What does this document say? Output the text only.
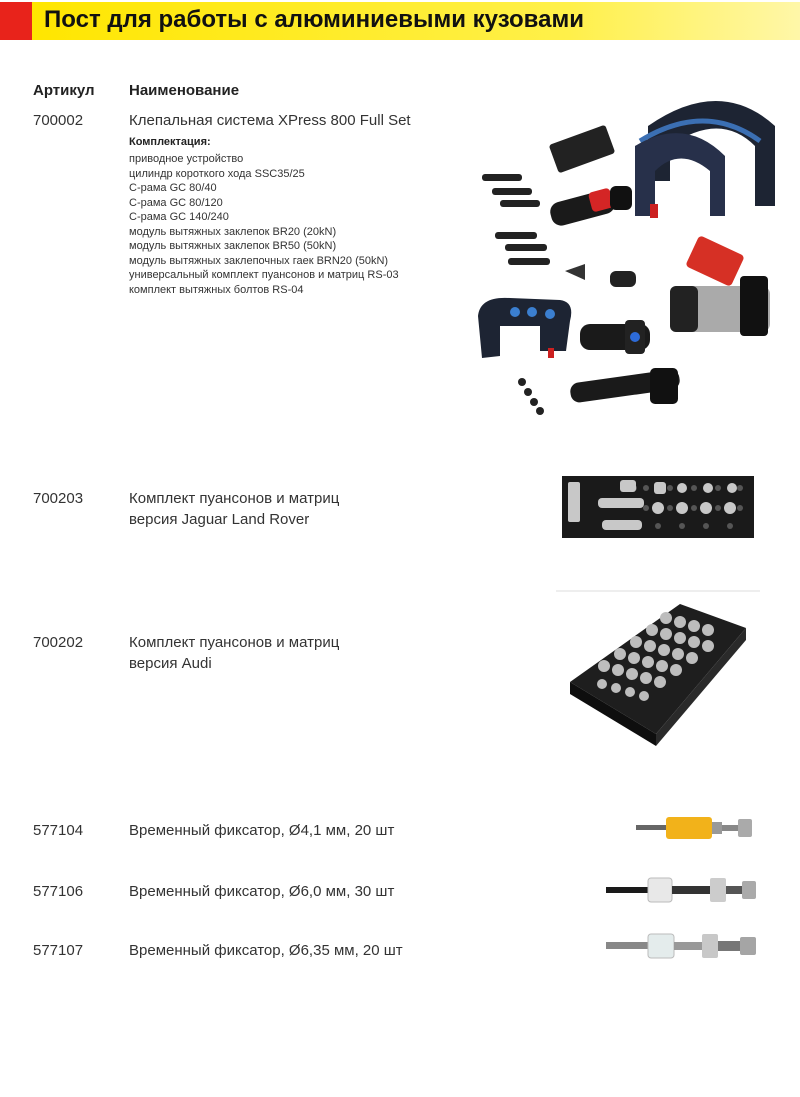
Пост для работы с алюминиевыми кузовами
Артикул Наименование
700002	Клепальная система XPress 800 Full Set
Комплектация:
приводное устройство
цилиндр короткого хода SSC35/25
С-рама GC 80/40
С-рама GC 80/120
С-рама GC 140/240
модуль вытяжных заклепок BR20 (20kN)
модуль вытяжных заклепок BR50 (50kN)
модуль вытяжных заклепочных гаек BRN20 (50kN)
универсальный комплект пуансонов и матриц RS-03
комплект вытяжных болтов RS-04
700203	Комплект пуансонов и матриц
версия Jaguar Land Rover
700202	Комплект пуансонов и матриц
версия Audi
577104	Временный фиксатор, Ø4,1 мм, 20 шт
577106	Временный фиксатор, Ø6,0 мм, 30 шт
577107	Временный фиксатор, Ø6,35 мм, 20 шт
